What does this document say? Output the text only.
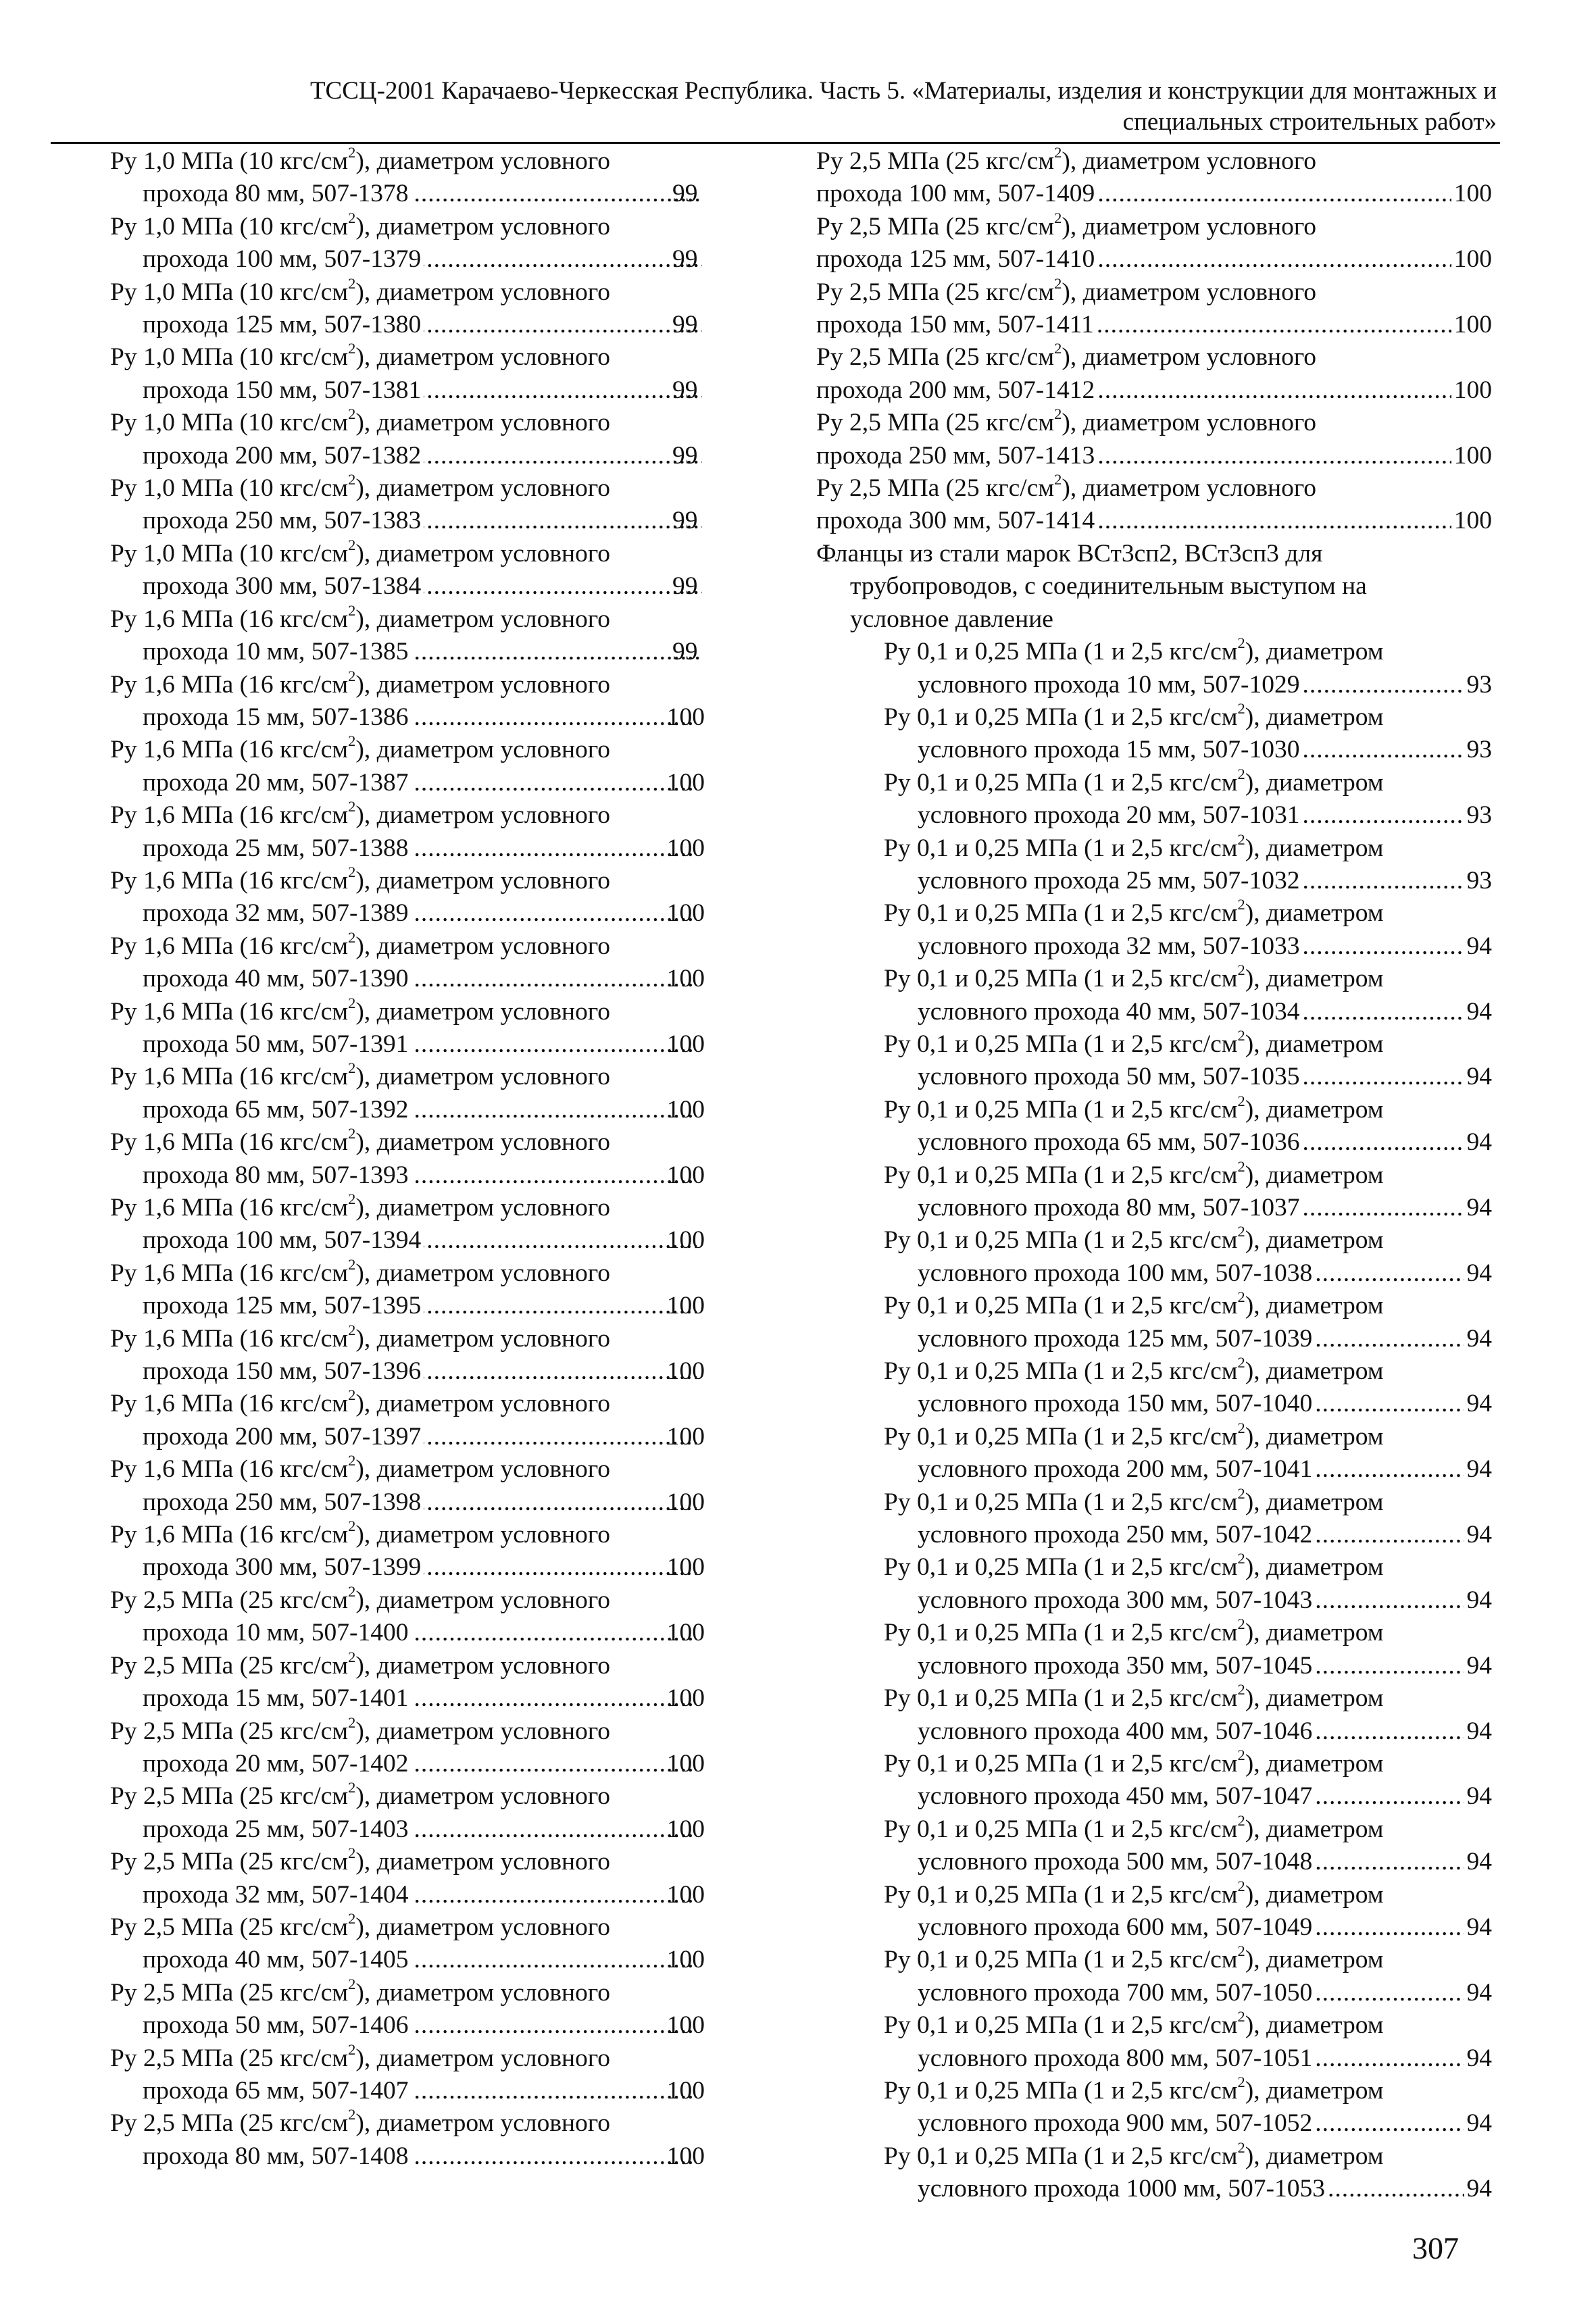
ТССЦ-2001 Карачаево-Черкесская Республика. Часть 5. «Материалы, изделия и конструкции для монтажных и
специальных строительных работ»
Ру 1,0 МПа (10 кгс/$см^2$), диаметром условного
прохода 80 мм, 507-1378 .....	99
Ру 1,0 МПа (10 кгс/$см^2$), диаметром условного
прохода 100 мм, 507-1379 .....	99
Ру 1,0 МПа (10 кгс/$см^2$), диаметром условного
прохода 125 мм, 507-1380 .....	99
Ру 1,0 МПа (10 кгс/$см^2$), диаметром условного
прохода 150 мм, 507-1381 .....	99
Ру 1,0 МПа (10 кгс/$см^2$), диаметром условного
прохода 200 мм, 507-1382 .....	99
Ру 1,0 МПа (10 кгс/$см^2$), диаметром условного
прохода 250 мм, 507-1383 .....	99
Ру 1,0 МПа (10 кгс/$см^2$), диаметром условного
прохода 300 мм, 507-1384 .....	99
Ру 1,6 МПа (16 кгс/$см^2$), диаметром условного
прохода 10 мм, 507-1385 .....	99
Ру 1,6 МПа (16 кгс/$см^2$), диаметром условного
прохода 15 мм, 507-1386 .....	100
Ру 1,6 МПа (16 кгс/$см^2$), диаметром условного
прохода 20 мм, 507-1387 .....	100
Ру 1,6 МПа (16 кгс/$см^2$), диаметром условного
прохода 25 мм, 507-1388 .....	100
Ру 1,6 МПа (16 кгс/$см^2$), диаметром условного
прохода 32 мм, 507-1389 .....	100
Ру 1,6 МПа (16 кгс/$см^2$), диаметром условного
прохода 40 мм, 507-1390 .....	100
Ру 1,6 МПа (16 кгс/$см^2$), диаметром условного
прохода 50 мм, 507-1391 .....	100
Ру 1,6 МПа (16 кгс/$см^2$), диаметром условного
прохода 65 мм, 507-1392 .....	100
Ру 1,6 МПа (16 кгс/$см^2$), диаметром условного
прохода 80 мм, 507-1393 .....	100
Ру 1,6 МПа (16 кгс/$см^2$), диаметром условного
прохода 100 мм, 507-1394 .....	100
Ру 1,6 МПа (16 кгс/$см^2$), диаметром условного
прохода 125 мм, 507-1395 .....	100
Ру 1,6 МПа (16 кгс/$см^2$), диаметром условного
прохода 150 мм, 507-1396 .....	100
Ру 1,6 МПа (16 кгс/$см^2$), диаметром условного
прохода 200 мм, 507-1397 .....	100
Ру 1,6 МПа (16 кгс/$см^2$), диаметром условного
прохода 250 мм, 507-1398 .....	100
Ру 1,6 МПа (16 кгс/$см^2$), диаметром условного
прохода 300 мм, 507-1399 .....	100
Ру 2,5 МПа (25 кгс/$см^2$), диаметром условного
прохода 10 мм, 507-1400 .....	100
Ру 2,5 МПа (25 кгс/$см^2$), диаметром условного
прохода 15 мм, 507-1401 .....	100
Ру 2,5 МПа (25 кгс/$см^2$), диаметром условного
прохода 20 мм, 507-1402 .....	100
Ру 2,5 МПа (25 кгс/$см^2$), диаметром условного
прохода 25 мм, 507-1403 .....	100
Ру 2,5 МПа (25 кгс/$см^2$), диаметром условного
прохода 32 мм, 507-1404 .....	100
Ру 2,5 МПа (25 кгс/$см^2$), диаметром условного
прохода 40 мм, 507-1405 .....	100
Ру 2,5 МПа (25 кгс/$см^2$), диаметром условного
прохода 50 мм, 507-1406 .....	100
Ру 2,5 МПа (25 кгс/$см^2$), диаметром условного
прохода 65 мм, 507-1407 .....	100
Ру 2,5 МПа (25 кгс/$см^2$), диаметром условного
прохода 80 мм, 507-1408 .....	100
Ру 2,5 МПа (25 кгс/$см^2$), диаметром условного
прохода 100 мм, 507-1409 .....	100
Ру 2,5 МПа (25 кгс/$см^2$), диаметром условного
прохода 125 мм, 507-1410 .....	100
Ру 2,5 МПа (25 кгс/$см^2$), диаметром условного
прохода 150 мм, 507-1411 .....	100
Ру 2,5 МПа (25 кгс/$см^2$), диаметром условного
прохода 200 мм, 507-1412 .....	100
Ру 2,5 МПа (25 кгс/$см^2$), диаметром условного
прохода 250 мм, 507-1413 .....	100
Ру 2,5 МПа (25 кгс/$см^2$), диаметром условного
прохода 300 мм, 507-1414 .....	100
Фланцы из стали марок ВСт3сп2, ВСт3сп3 для
трубопроводов, с соединительным выступом на
условное давление
Ру 0,1 и 0,25 МПа (1 и 2,5 кгс/$см^2$), диаметром
условного прохода 10 мм, 507-1029 .....	93
Ру 0,1 и 0,25 МПа (1 и 2,5 кгс/$см^2$), диаметром
условного прохода 15 мм, 507-1030 .....	93
Ру 0,1 и 0,25 МПа (1 и 2,5 кгс/$см^2$), диаметром
условного прохода 20 мм, 507-1031 .....	93
Ру 0,1 и 0,25 МПа (1 и 2,5 кгс/$см^2$), диаметром
условного прохода 25 мм, 507-1032 .....	93
Ру 0,1 и 0,25 МПа (1 и 2,5 кгс/$см^2$), диаметром
условного прохода 32 мм, 507-1033 .....	94
Ру 0,1 и 0,25 МПа (1 и 2,5 кгс/$см^2$), диаметром
условного прохода 40 мм, 507-1034 .....	94
Ру 0,1 и 0,25 МПа (1 и 2,5 кгс/$см^2$), диаметром
условного прохода 50 мм, 507-1035 .....	94
Ру 0,1 и 0,25 МПа (1 и 2,5 кгс/$см^2$), диаметром
условного прохода 65 мм, 507-1036 .....	94
Ру 0,1 и 0,25 МПа (1 и 2,5 кгс/$см^2$), диаметром
условного прохода 80 мм, 507-1037 .....	94
Ру 0,1 и 0,25 МПа (1 и 2,5 кгс/$см^2$), диаметром
условного прохода 100 мм, 507-1038 .....	94
Ру 0,1 и 0,25 МПа (1 и 2,5 кгс/$см^2$), диаметром
условного прохода 125 мм, 507-1039 .....	94
Ру 0,1 и 0,25 МПа (1 и 2,5 кгс/$см^2$), диаметром
условного прохода 150 мм, 507-1040 .....	94
Ру 0,1 и 0,25 МПа (1 и 2,5 кгс/$см^2$), диаметром
условного прохода 200 мм, 507-1041 .....	94
Ру 0,1 и 0,25 МПа (1 и 2,5 кгс/$см^2$), диаметром
условного прохода 250 мм, 507-1042 .....	94
Ру 0,1 и 0,25 МПа (1 и 2,5 кгс/$см^2$), диаметром
условного прохода 300 мм, 507-1043 .....	94
Ру 0,1 и 0,25 МПа (1 и 2,5 кгс/$см^2$), диаметром
условного прохода 350 мм, 507-1045 .....	94
Ру 0,1 и 0,25 МПа (1 и 2,5 кгс/$см^2$), диаметром
условного прохода 400 мм, 507-1046 .....	94
Ру 0,1 и 0,25 МПа (1 и 2,5 кгс/$см^2$), диаметром
условного прохода 450 мм, 507-1047 .....	94
Ру 0,1 и 0,25 МПа (1 и 2,5 кгс/$см^2$), диаметром
условного прохода 500 мм, 507-1048 .....	94
Ру 0,1 и 0,25 МПа (1 и 2,5 кгс/$см^2$), диаметром
условного прохода 600 мм, 507-1049 .....	94
Ру 0,1 и 0,25 МПа (1 и 2,5 кгс/$см^2$), диаметром
условного прохода 700 мм, 507-1050 .....	94
Ру 0,1 и 0,25 МПа (1 и 2,5 кгс/$см^2$), диаметром
условного прохода 800 мм, 507-1051 .....	94
Ру 0,1 и 0,25 МПа (1 и 2,5 кгс/$см^2$), диаметром
условного прохода 900 мм, 507-1052 .....	94
Ру 0,1 и 0,25 МПа (1 и 2,5 кгс/$см^2$), диаметром
условного прохода 1000 мм, 507-1053 .....	94
307
